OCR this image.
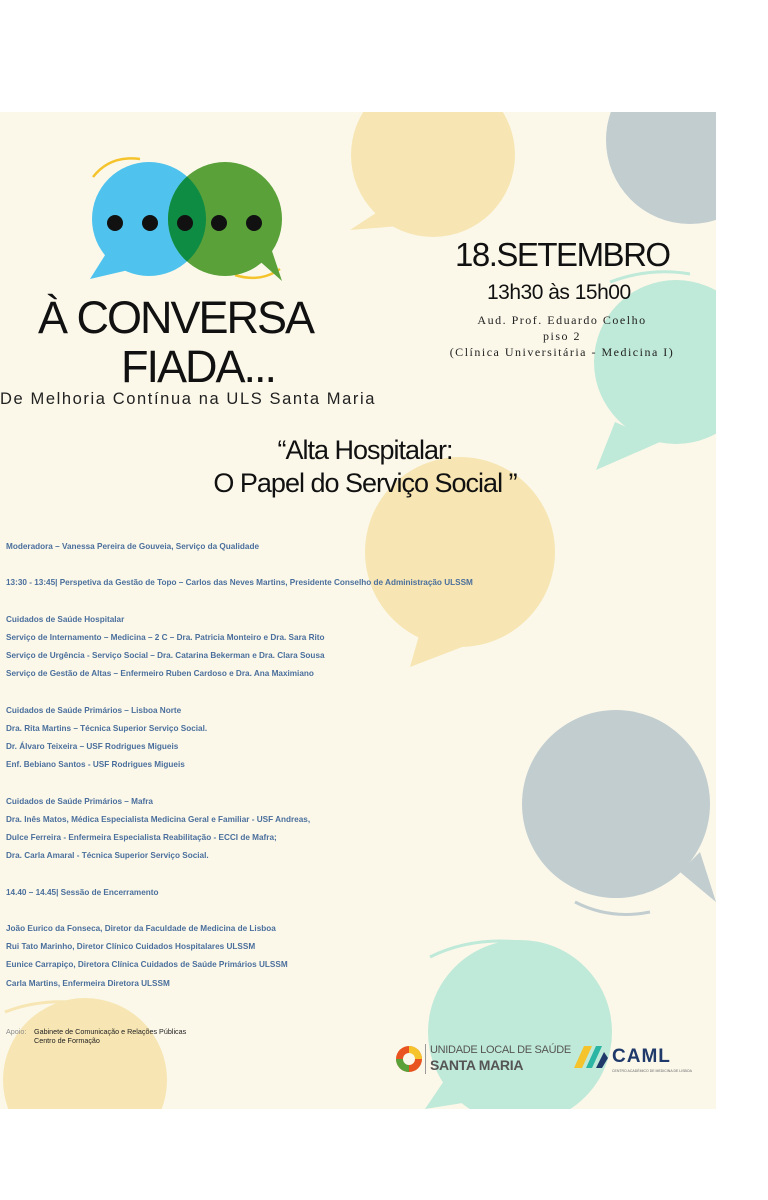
À CONVERSA
FIADA...
De Melhoria Contínua na ULS Santa Maria
18.SETEMBRO
13h30 às 15h00
Aud. Prof. Eduardo Coelho
piso 2
(Clínica Universitária - Medicina I)
“Alta Hospitalar:
O Papel do Serviço Social ”
Moderadora – Vanessa Pereira de Gouveia, Serviço da Qualidade
13:30 - 13:45| Perspetiva da Gestão de Topo – Carlos das Neves Martins, Presidente Conselho de Administração ULSSM
Cuidados de Saúde Hospitalar
Serviço de Internamento – Medicina – 2 C – Dra. Patricia Monteiro e Dra. Sara Rito
Serviço de Urgência - Serviço Social – Dra. Catarina Bekerman e Dra. Clara Sousa
Serviço de Gestão de Altas – Enfermeiro Ruben Cardoso e Dra. Ana Maximiano
Cuidados de Saúde Primários – Lisboa Norte
Dra. Rita Martins – Técnica Superior Serviço Social.
Dr. Álvaro Teixeira – USF Rodrigues Migueis
Enf. Bebiano Santos - USF Rodrigues Migueis
Cuidados de Saúde Primários – Mafra
Dra. Inês Matos, Médica Especialista Medicina Geral e Familiar - USF Andreas,
Dulce Ferreira - Enfermeira Especialista Reabilitação - ECCI de Mafra;
Dra. Carla Amaral - Técnica Superior Serviço Social.
14.40 – 14.45| Sessão de Encerramento
João Eurico da Fonseca, Diretor da Faculdade de Medicina de Lisboa
Rui Tato Marinho, Diretor Clínico Cuidados Hospitalares ULSSM
Eunice Carrapiço, Diretora Clínica Cuidados de Saúde Primários ULSSM
Carla Martins, Enfermeira Diretora ULSSM
Apoio: Gabinete de Comunicação e Relações Públicas
Centro de Formação
UNIDADE LOCAL DE SAÚDE
SANTA MARIA	CAML
CENTRO ACADÉMICO DE MEDICINA DE LISBOA
